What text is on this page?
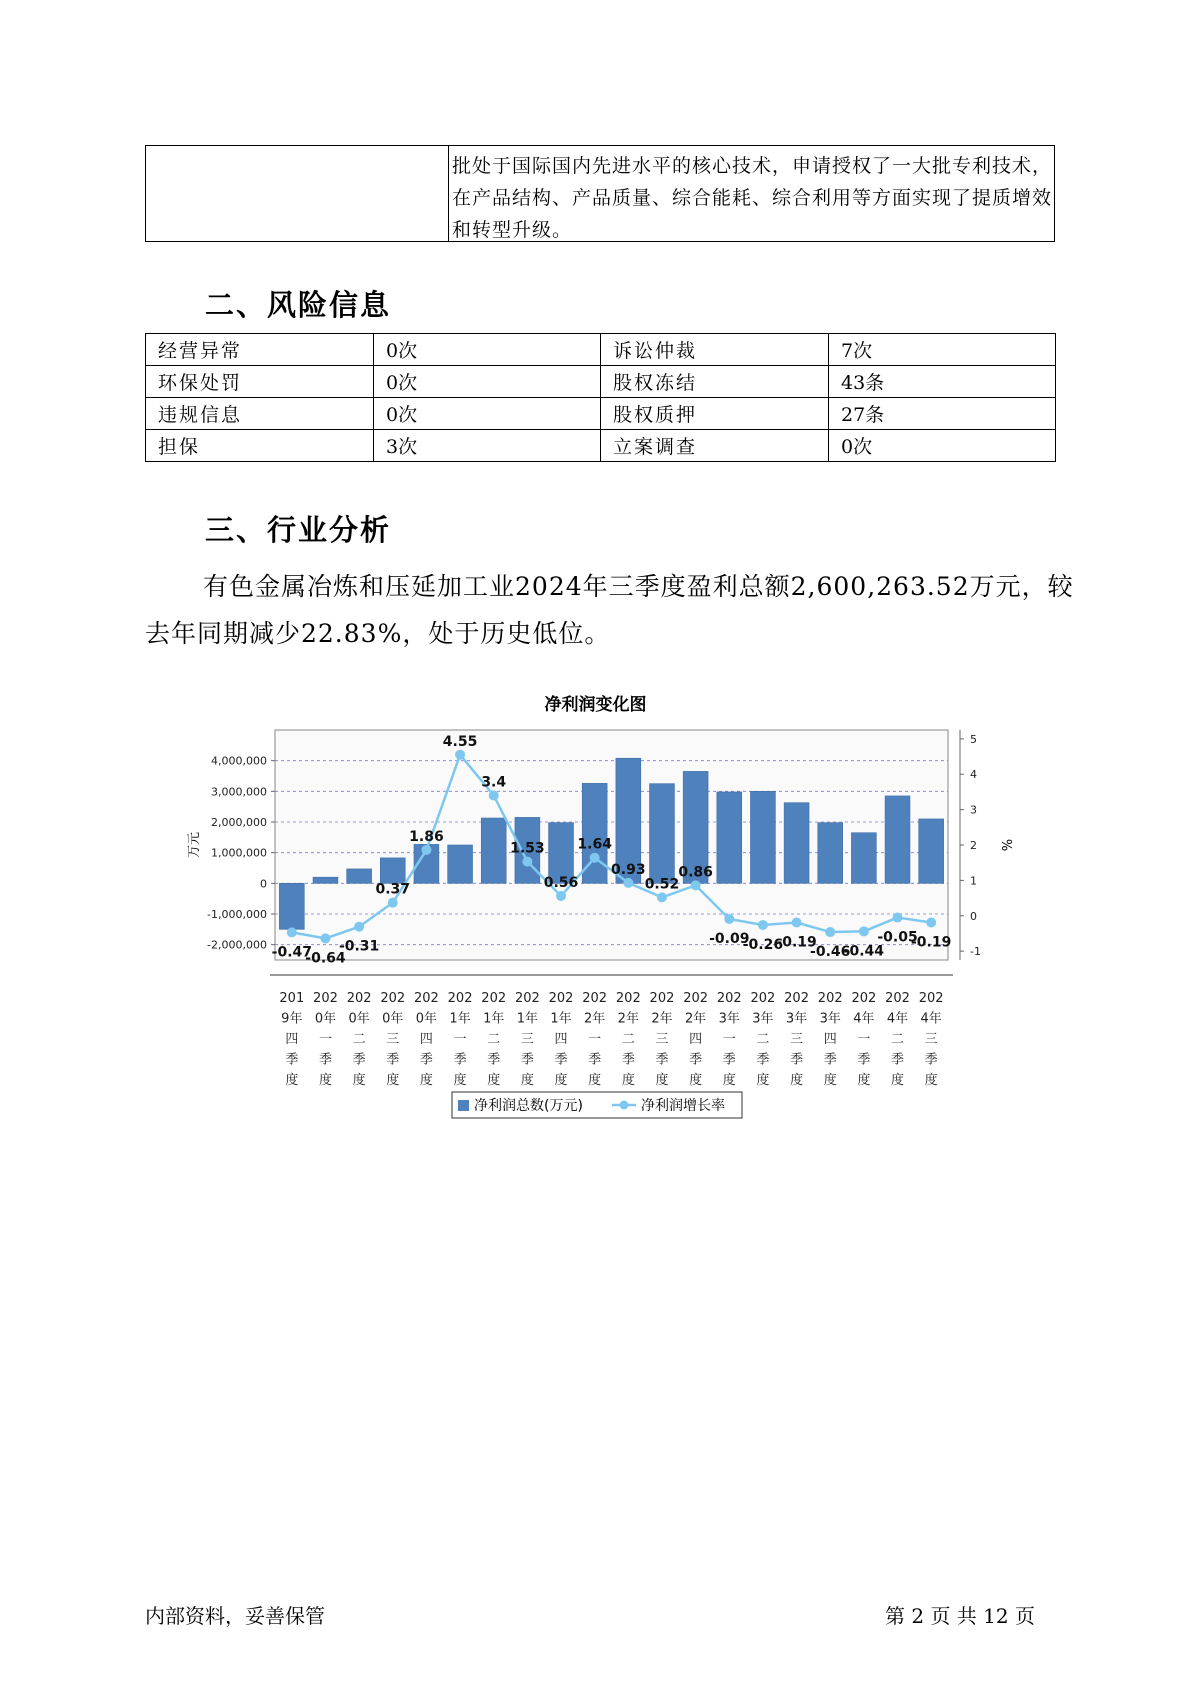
批处于国际国内先进水平的核心技术，申请授权了一大批专利技术，
在产品结构、产品质量、综合能耗、综合利用等方面实现了提质增效
和转型升级。
二、风险信息
经营异常	0次	诉讼仲裁	7次
环保处罚	0次	股权冻结	43条
违规信息	0次	股权质押	27条
担保	3次	立案调查	0次
三、行业分析
有色金属冶炼和压延加工业2024年三季度盈利总额2,600,263.52万元，较去年同期减少22.83%，处于历史低位。
净利润变化图
4,000,000
3,000,000
2,000,000
1,000,000
0
-1,000,000
-2,000,000
5
4
3
2
1
0
-1
万元	%
201
9年
四
季
度
202
0年
一
季
度
202
0年
二
季
度
202
0年
三
季
度
202
0年
四
季
度
202
1年
一
季
度
202
1年
二
季
度
202
1年
三
季
度
202
1年
四
季
度
202
2年
一
季
度
202
2年
二
季
度
202
2年
三
季
度
202
2年
四
季
度
202
3年
一
季
度
202
3年
二
季
度
202
3年
三
季
度
202
3年
四
季
度
202
4年
一
季
度
202
4年
二
季
度
202
4年
三
季
度
-0.47
-0.64
-0.31
0.37
1.86
4.55
3.4
1.53
0.56
1.64
0.93
0.52
0.86
-0.09
-0.26
-0.19
-0.46
-0.44
-0.05
-0.19
净利润总数(万元)	净利润增长率
内部资料，妥善保管	第 2 页 共 12 页
